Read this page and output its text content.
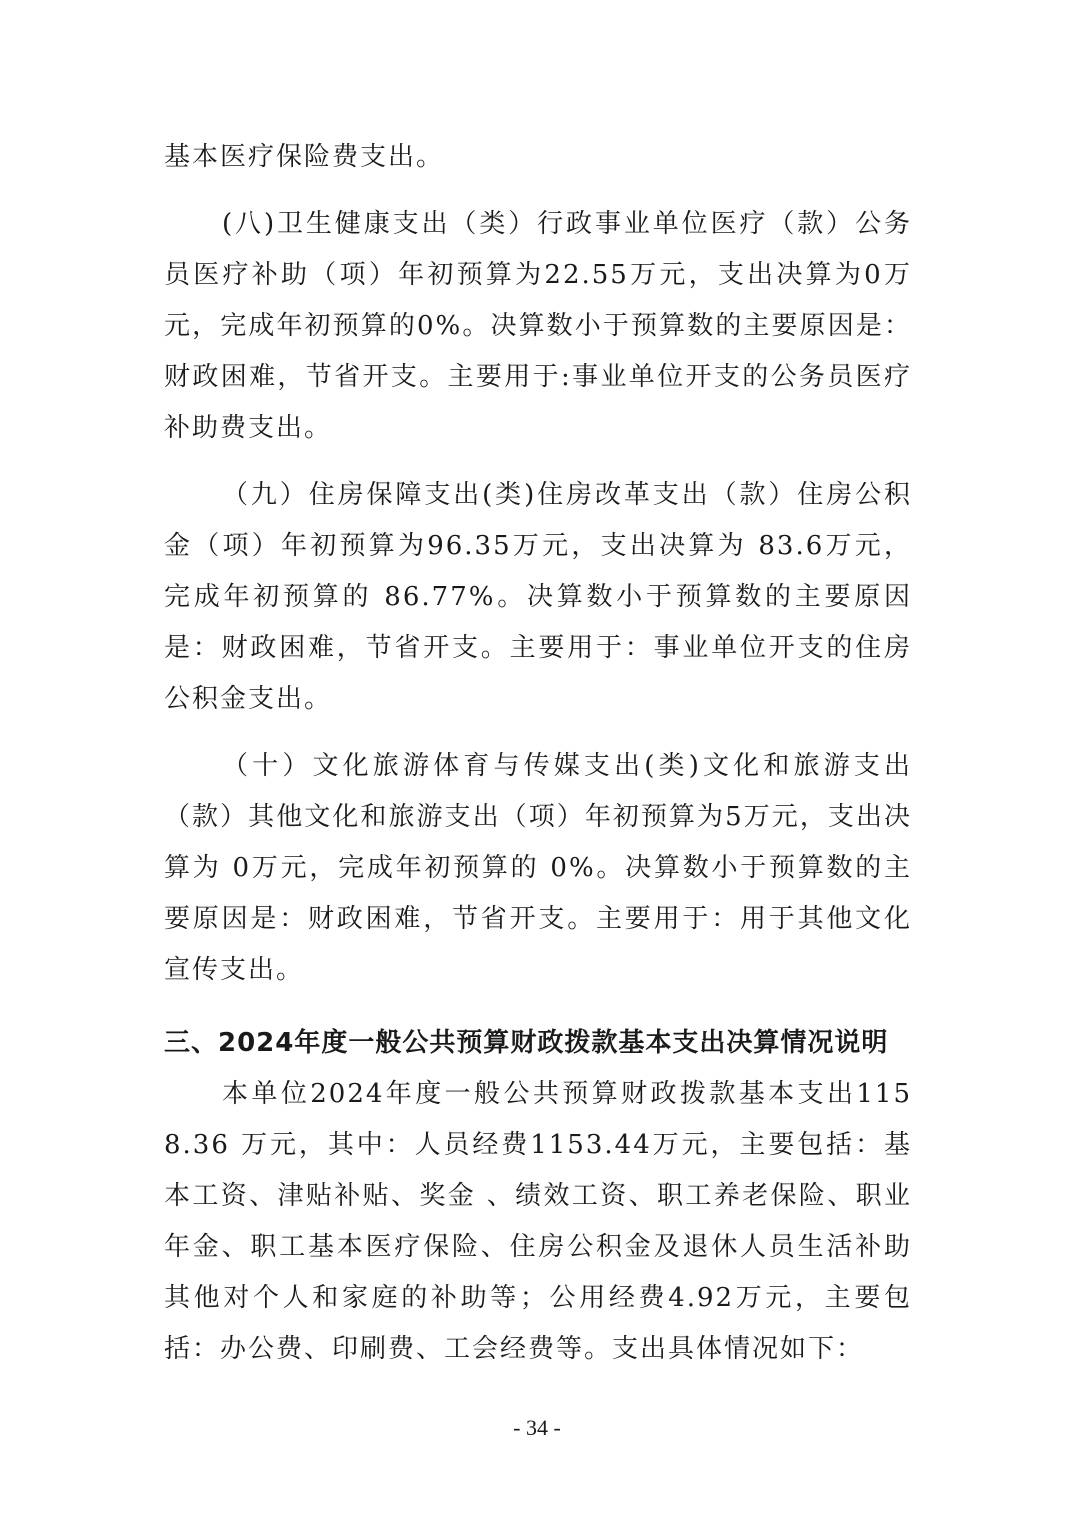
基本医疗保险费支出。

(八)卫生健康支出（类）行政事业单位医疗（款）公务员医疗补助（项）年初预算为22.55万元，支出决算为0万元，完成年初预算的0%。决算数小于预算数的主要原因是：财政困难，节省开支。主要用于:事业单位开支的公务员医疗补助费支出。

（九）住房保障支出(类)住房改革支出（款）住房公积金（项）年初预算为96.35万元，支出决算为 83.6万元，完成年初预算的 86.77%。决算数小于预算数的主要原因是：财政困难，节省开支。主要用于：事业单位开支的住房公积金支出。

（十）文化旅游体育与传媒支出(类)文化和旅游支出（款）其他文化和旅游支出（项）年初预算为5万元，支出决算为 0万元，完成年初预算的 0%。决算数小于预算数的主要原因是：财政困难，节省开支。主要用于：用于其他文化宣传支出。

三、2024年度一般公共预算财政拨款基本支出决算情况说明

本单位2024年度一般公共预算财政拨款基本支出1158.36 万元，其中：人员经费1153.44万元，主要包括：基本工资、津贴补贴、奖金 、绩效工资、职工养老保险、职业年金、职工基本医疗保险、住房公积金及退休人员生活补助其他对个人和家庭的补助等；公用经费4.92万元，主要包括：办公费、印刷费、工会经费等。支出具体情况如下：

- 34 -
